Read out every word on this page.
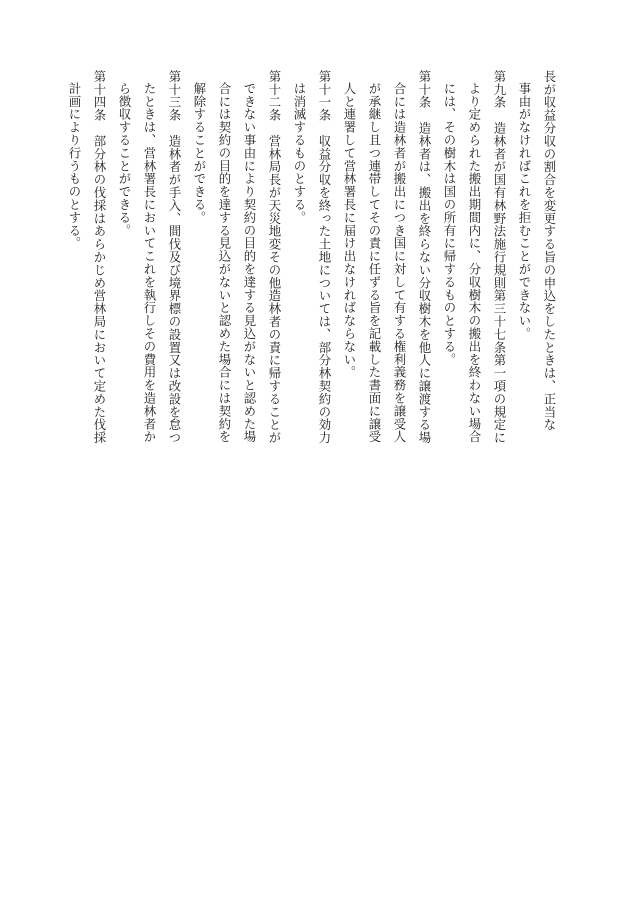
長が収益分収の割合を変更する旨の申込をしたときは、正当な
事由がなければこれを拒むことができない。
第九条　造林者が国有林野法施行規則第三十七条第一項の規定に
より定められた搬出期間内に、分収樹木の搬出を終わない場合
には、その樹木は国の所有に帰するものとする。
第十条　造林者は、搬出を終らない分収樹木を他人に譲渡する場
合には造林者が搬出につき国に対して有する権利義務を譲受人
が承継し且つ連帯してその責に任ずる旨を記載した書面に譲受
人と連署して営林署長に届け出なければならない。
第十一条　収益分収を終った土地については、部分林契約の効力
は消滅するものとする。
第十二条　営林局長が天災地変その他造林者の責に帰することが
できない事由により契約の目的を達する見込がないと認めた場
合には契約の目的を達する見込がないと認めた場合には契約を
解除することができる。
第十三条　造林者が手入、間伐及び境界標の設置又は改設を怠つ
たときは、営林署長においてこれを執行しその費用を造林者か
ら徴収することができる。
第十四条　部分林の伐採はあらかじめ営林局において定めた伐採
計画により行うものとする。
